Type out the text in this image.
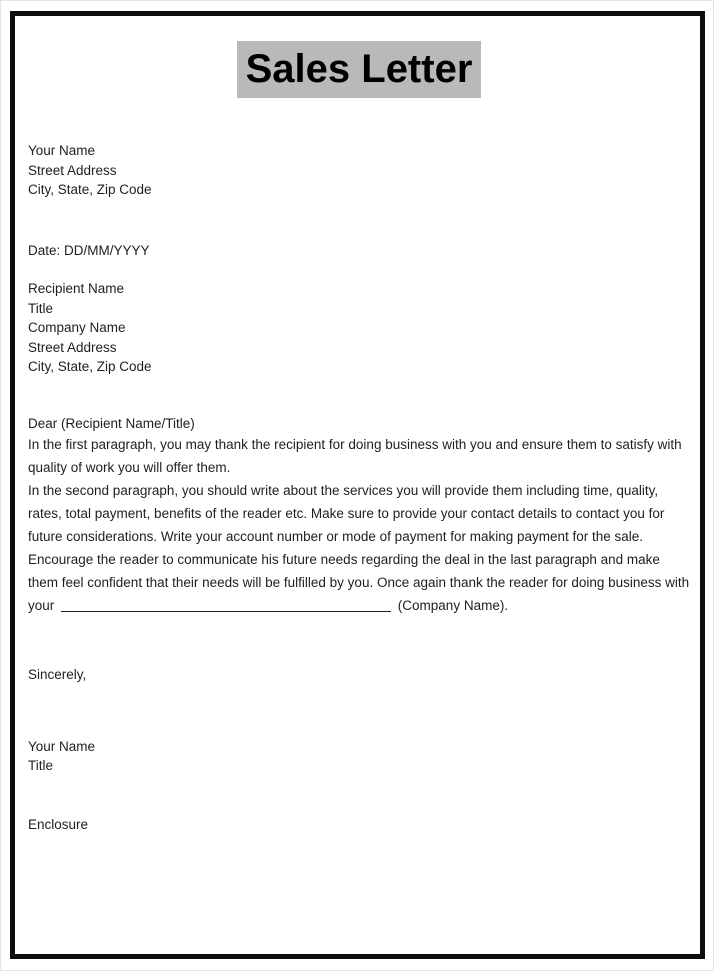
Sales Letter
Your Name
Street Address
City, State, Zip Code
Date: DD/MM/YYYY
Recipient Name
Title
Company Name
Street Address
City, State, Zip Code
Dear (Recipient Name/Title)

In the first paragraph, you may thank the recipient for doing business with you and ensure them to satisfy with quality of work you will offer them.

In the second paragraph, you should write about the services you will provide them including time, quality, rates, total payment, benefits of the reader etc. Make sure to provide your contact details to contact you for future considerations. Write your account number or mode of payment for making payment for the sale.

Encourage the reader to communicate his future needs regarding the deal in the last paragraph and make them feel confident that their needs will be fulfilled by you. Once again thank the reader for doing business with your	(Company Name).

Sincerely,
Your Name
Title
Enclosure
